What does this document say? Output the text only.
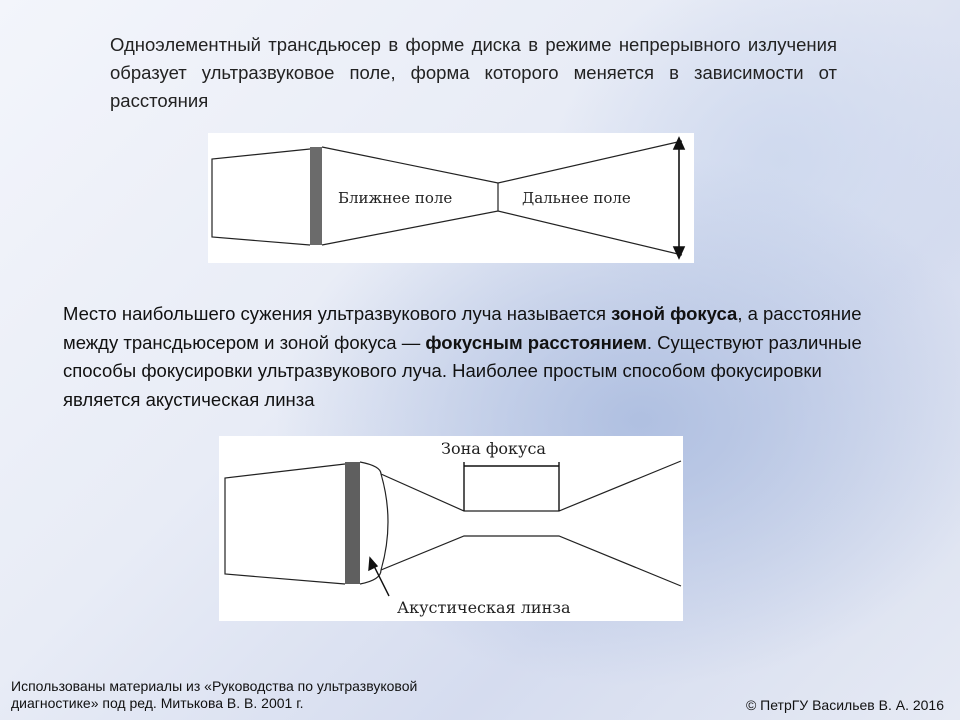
Одноэлементный трансдьюсер в форме диска в режиме непрерывного излучения образует ультразвуковое поле, форма которого меняется в зависимости от расстояния
Ближнее поле	Дальнее поле
Место наибольшего сужения ультразвукового луча называется зоной фокуса, а расстояние между трансдьюсером и зоной фокуса — фокусным расстоянием. Существуют различные способы фокусировки ультразвукового луча. Наиболее простым способом фокусировки является акустическая линза
Зона фокуса
Акустическая линза
Использованы материалы из «Руководства по ультразвуковой диагностике» под ред. Митькова В. В. 2001 г.	© ПетрГУ Васильев В. А. 2016
